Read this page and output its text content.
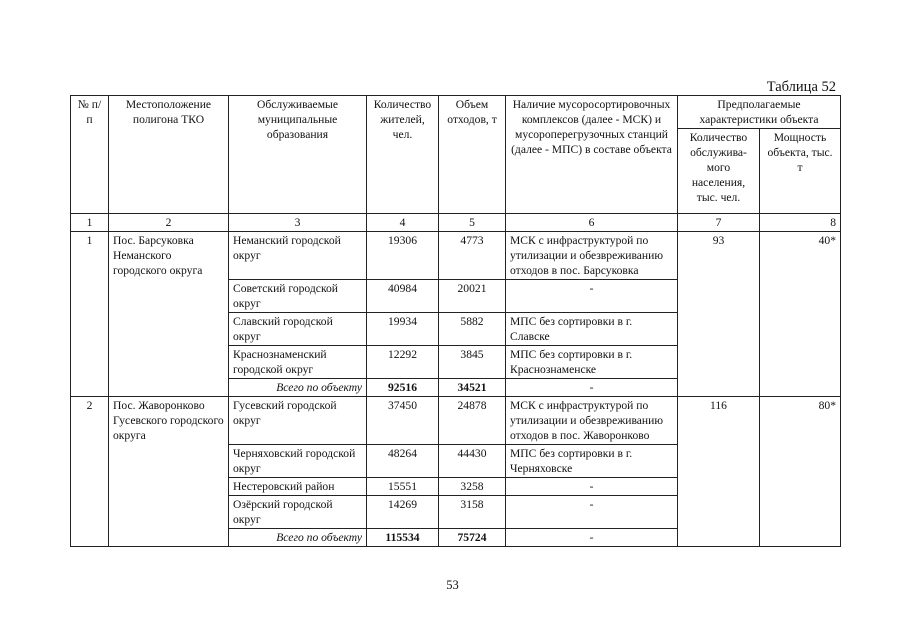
Таблица 52
№ п/п	Местоположение полигона ТКО	Обслуживаемые муниципальные образования	Количество жителей, чел.	Объем отходов, т	Наличие мусоросортировочных комплексов (далее - МСК) и мусороперегрузочных станций (далее - МПС) в составе объекта	Предполагаемые характеристики объекта	
						Количество обслужива-мого населения, тыс. чел.	Мощность объекта, тыс. т
1	2	3	4	5	6	7	8
1	Пос. Барсуковка Неманского городского округа	Неманский городской округ	19306	4773	МСК с инфраструктурой по утилизации и обезвреживанию отходов в пос. Барсуковка	93	40*
		Советский городской округ	40984	20021	-		
		Славский городской округ	19934	5882	МПС без сортировки в г. Славске		
		Краснознаменский городской округ	12292	3845	МПС без сортировки в г. Краснознаменске		
		Всего по объекту	92516	34521	-		
2	Пос. Жаворонково Гусевского городского округа	Гусевский городской округ	37450	24878	МСК с инфраструктурой по утилизации и обезвреживанию отходов в пос. Жаворонково	116	80*
		Черняховский городской округ	48264	44430	МПС без сортировки в г. Черняховске		
		Нестеровский район	15551	3258	-		
		Озёрский городской округ	14269	3158	-		
		Всего по объекту	115534	75724	-		
53
